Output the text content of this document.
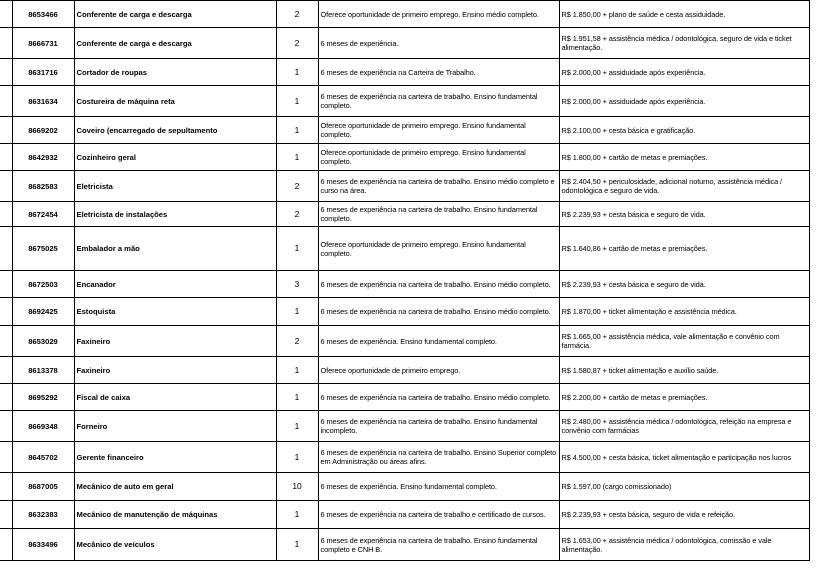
	8653466	Conferente de carga e descarga	2	Oferece oportunidade de primeiro emprego. Ensino médio completo.	R$ 1.850,00 + plano de saúde e cesta assiduidade.
	8666731	Conferente de carga e descarga	2	6 meses de experiência.	R$ 1.951,58 + assistência médica / odontológica, seguro de vida e ticket alimentação.
	8631716	Cortador de roupas	1	6 meses de experiência na Carteira de Trabalho.	R$ 2.000,00 + assiduidade após experiência.
	8631634	Costureira de máquina reta	1	6 meses de experiência na carteira de trabalho. Ensino fundamental completo.	R$ 2.000,00 + assiduidade após experiência.
	8669202	Coveiro (encarregado de sepultamento	1	Oferece oportunidade de primeiro emprego. Ensino fundamental completo.	R$ 2.100,00 + cesta básica e gratificação.
	8642932	Cozinheiro geral	1	Oferece oportunidade de primeiro emprego. Ensino fundamental completo.	R$ 1.800,00 + cartão de metas e premiações.
	8682583	Eletricista	2	6 meses de experiência na carteira de trabalho. Ensino médio completo e curso na área.	R$ 2.404,50 + periculosidade, adicional noturno, assistência médica / odontológica e seguro de vida.
	8672454	Eletricista de instalações	2	6 meses de experiência na carteira de trabalho. Ensino fundamental completo.	R$ 2.239,93 + cesta básica e seguro de vida.
	8675025	Embalador a mão	1	Oferece oportunidade de primeiro emprego. Ensino fundamental completo.	R$ 1.640,86 + cartão de metas e premiações.
	8672503	Encanador	3	6 meses de experiência na carteira de trabalho. Ensino médio completo.	R$ 2.239,93 + cesta básica e seguro de vida.
	8692425	Estoquista	1	6 meses de experiência na carteira de trabalho. Ensino médio completo.	R$ 1.870,00 + ticket alimentação e assistência médica.
	8653029	Faxineiro	2	6 meses de experiência. Ensino fundamental completo.	R$ 1.665,00 + assistência médica, vale alimentação e convênio com farmácia.
	8613378	Faxineiro	1	Oferece oportunidade de primeiro emprego.	R$ 1.580,87 + ticket alimentação e auxílio saúde.
	8695292	Fiscal de caixa	1	6 meses de experiência na carteira de trabalho. Ensino médio completo.	R$ 2.200,00 + cartão de metas e premiações.
	8669348	Forneiro	1	6 meses de experiência na carteira de trabalho. Ensino fundamental incompleto.	R$ 2.480,00 + assistência médica / odontológica, refeição na empresa e convênio com farmácias
	8645702	Gerente financeiro	1	6 meses de experiência na carteira de trabalho. Ensino Superior completo em Administração ou áreas afins.	R$ 4.500,00 + cesta básica, ticket alimentação e participação nos lucros
	8687005	Mecânico de auto em geral	10	6 meses de experiência. Ensino fundamental completo.	R$ 1.597,00 (cargo comissionado)
	8632383	Mecânico de manutenção de máquinas	1	6 meses de experiência na carteira de trabalho e certificado de cursos.	R$ 2.239,93 + cesta básica, seguro de vida e refeição.
	8633496	Mecânico de veículos	1	6 meses de experiência na carteira de trabalho. Ensino fundamental completo e CNH B.	R$ 1.653,00 + assistência médica / odontológica, comissão e vale alimentação.
